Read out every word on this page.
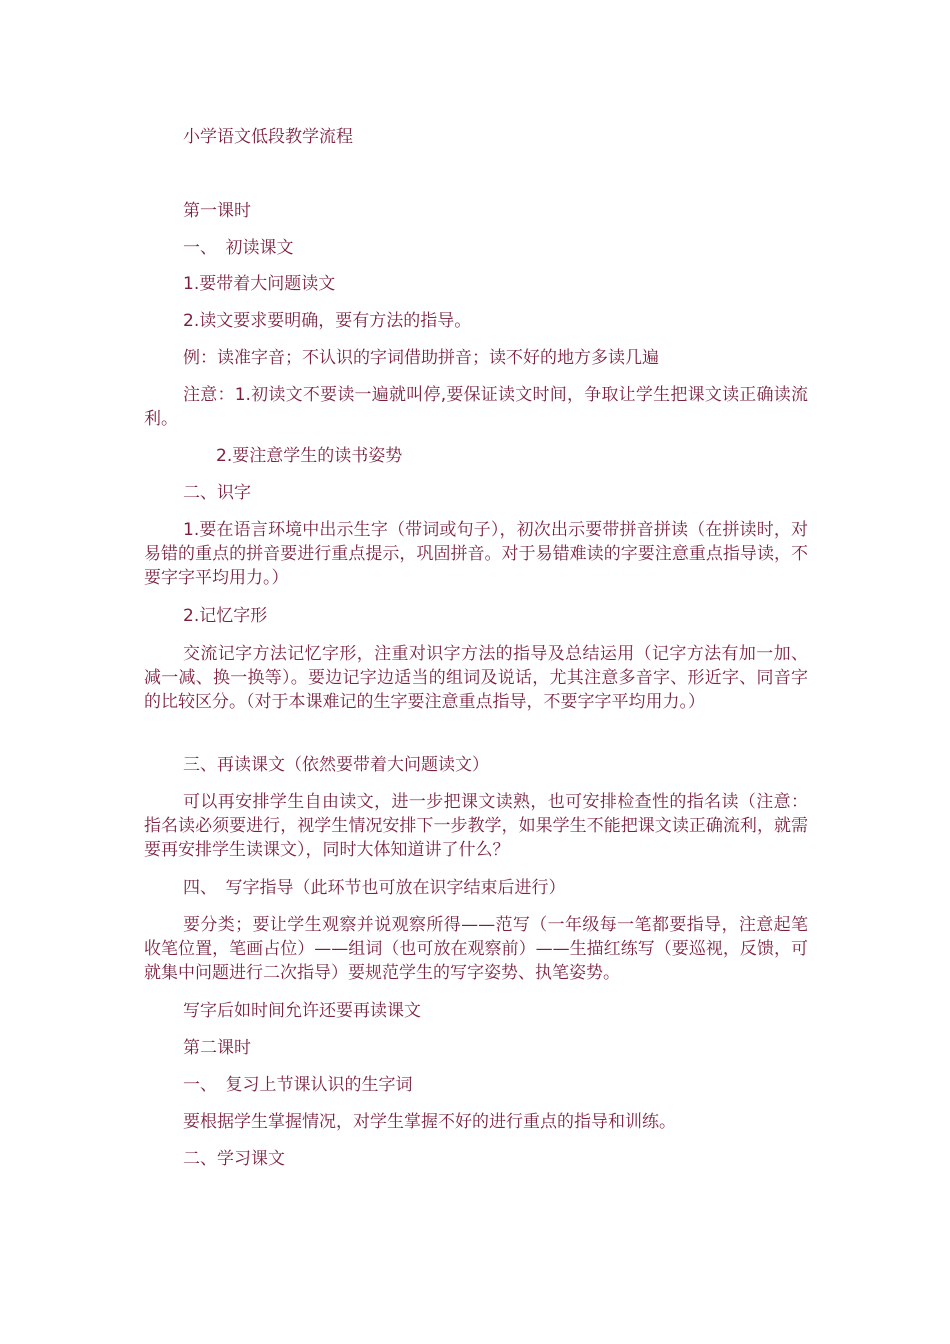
小学语文低段教学流程

第一课时

一、　初读课文

1.要带着大问题读文

2.读文要求要明确，要有方法的指导。

例：读准字音；不认识的字词借助拼音；读不好的地方多读几遍

注意：1.初读文不要读一遍就叫停,要保证读文时间，争取让学生把课文读正确读流利。

2.要注意学生的读书姿势

二、识字

1.要在语言环境中出示生字（带词或句子），初次出示要带拼音拼读（在拼读时，对易错的重点的拼音要进行重点提示，巩固拼音。对于易错难读的字要注意重点指导读，不要字字平均用力。）

2.记忆字形

交流记字方法记忆字形，注重对识字方法的指导及总结运用（记字方法有加一加、减一减、换一换等）。要边记字边适当的组词及说话，尤其注意多音字、形近字、同音字的比较区分。（对于本课难记的生字要注意重点指导，不要字字平均用力。）

三、再读课文（依然要带着大问题读文）

可以再安排学生自由读文，进一步把课文读熟，也可安排检查性的指名读（注意：指名读必须要进行，视学生情况安排下一步教学，如果学生不能把课文读正确流利，就需要再安排学生读课文），同时大体知道讲了什么？

四、　写字指导（此环节也可放在识字结束后进行）

要分类；要让学生观察并说观察所得——范写（一年级每一笔都要指导，注意起笔收笔位置，笔画占位）——组词（也可放在观察前）——生描红练写（要巡视，反馈，可就集中问题进行二次指导）要规范学生的写字姿势、执笔姿势。

写字后如时间允许还要再读课文

第二课时

一、　复习上节课认识的生字词

要根据学生掌握情况，对学生掌握不好的进行重点的指导和训练。

二、学习课文
